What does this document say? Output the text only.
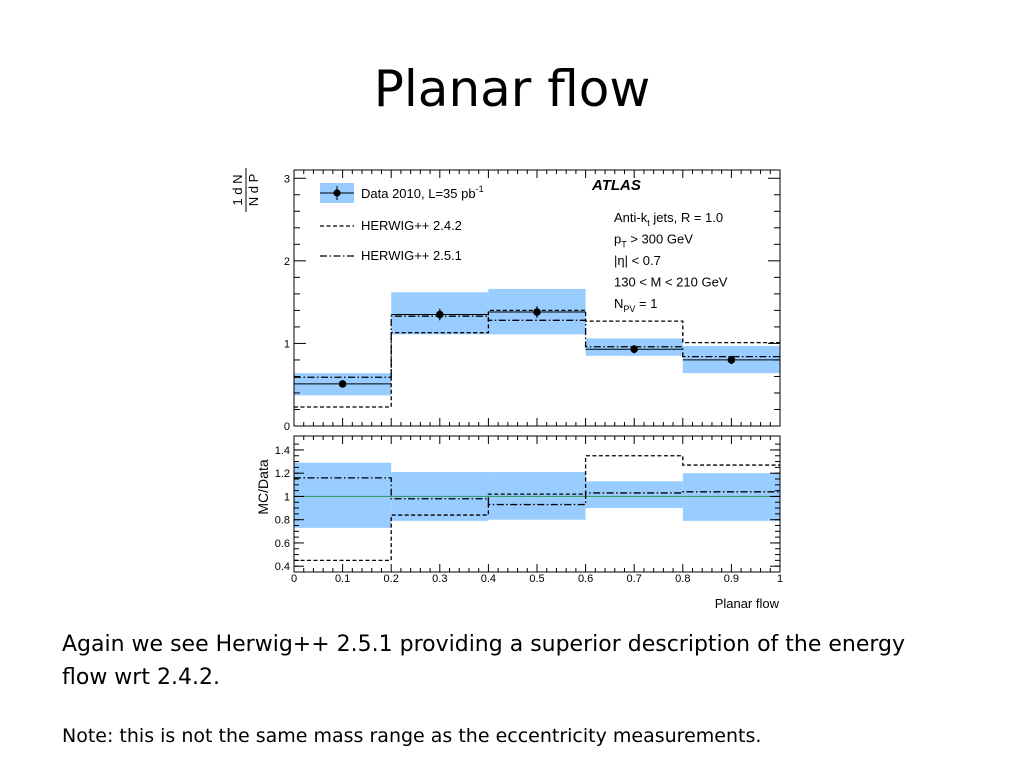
Planar flow
0
1
2
3
1 d N N d P
0.4
0.6
0.8
1
1.2
1.4
0	0.1	0.2	0.3	0.4	0.5	0.6	0.7	0.8	0.9	1
MC/Data
Planar flow
Data 2010, L=35 $pb^{-1}$
HERWIG++ 2.4.2
HERWIG++ 2.5.1
ATLAS
Anti-$k_t$ jets, R = 1.0
$p_T > 300$ GeV
|η| < 0.7
130 < M < 210 GeV
$N_{PV} = 1$
Again we see Herwig++ 2.5.1 providing a superior description of the energy flow wrt 2.4.2.
Note: this is not the same mass range as the eccentricity measurements.
